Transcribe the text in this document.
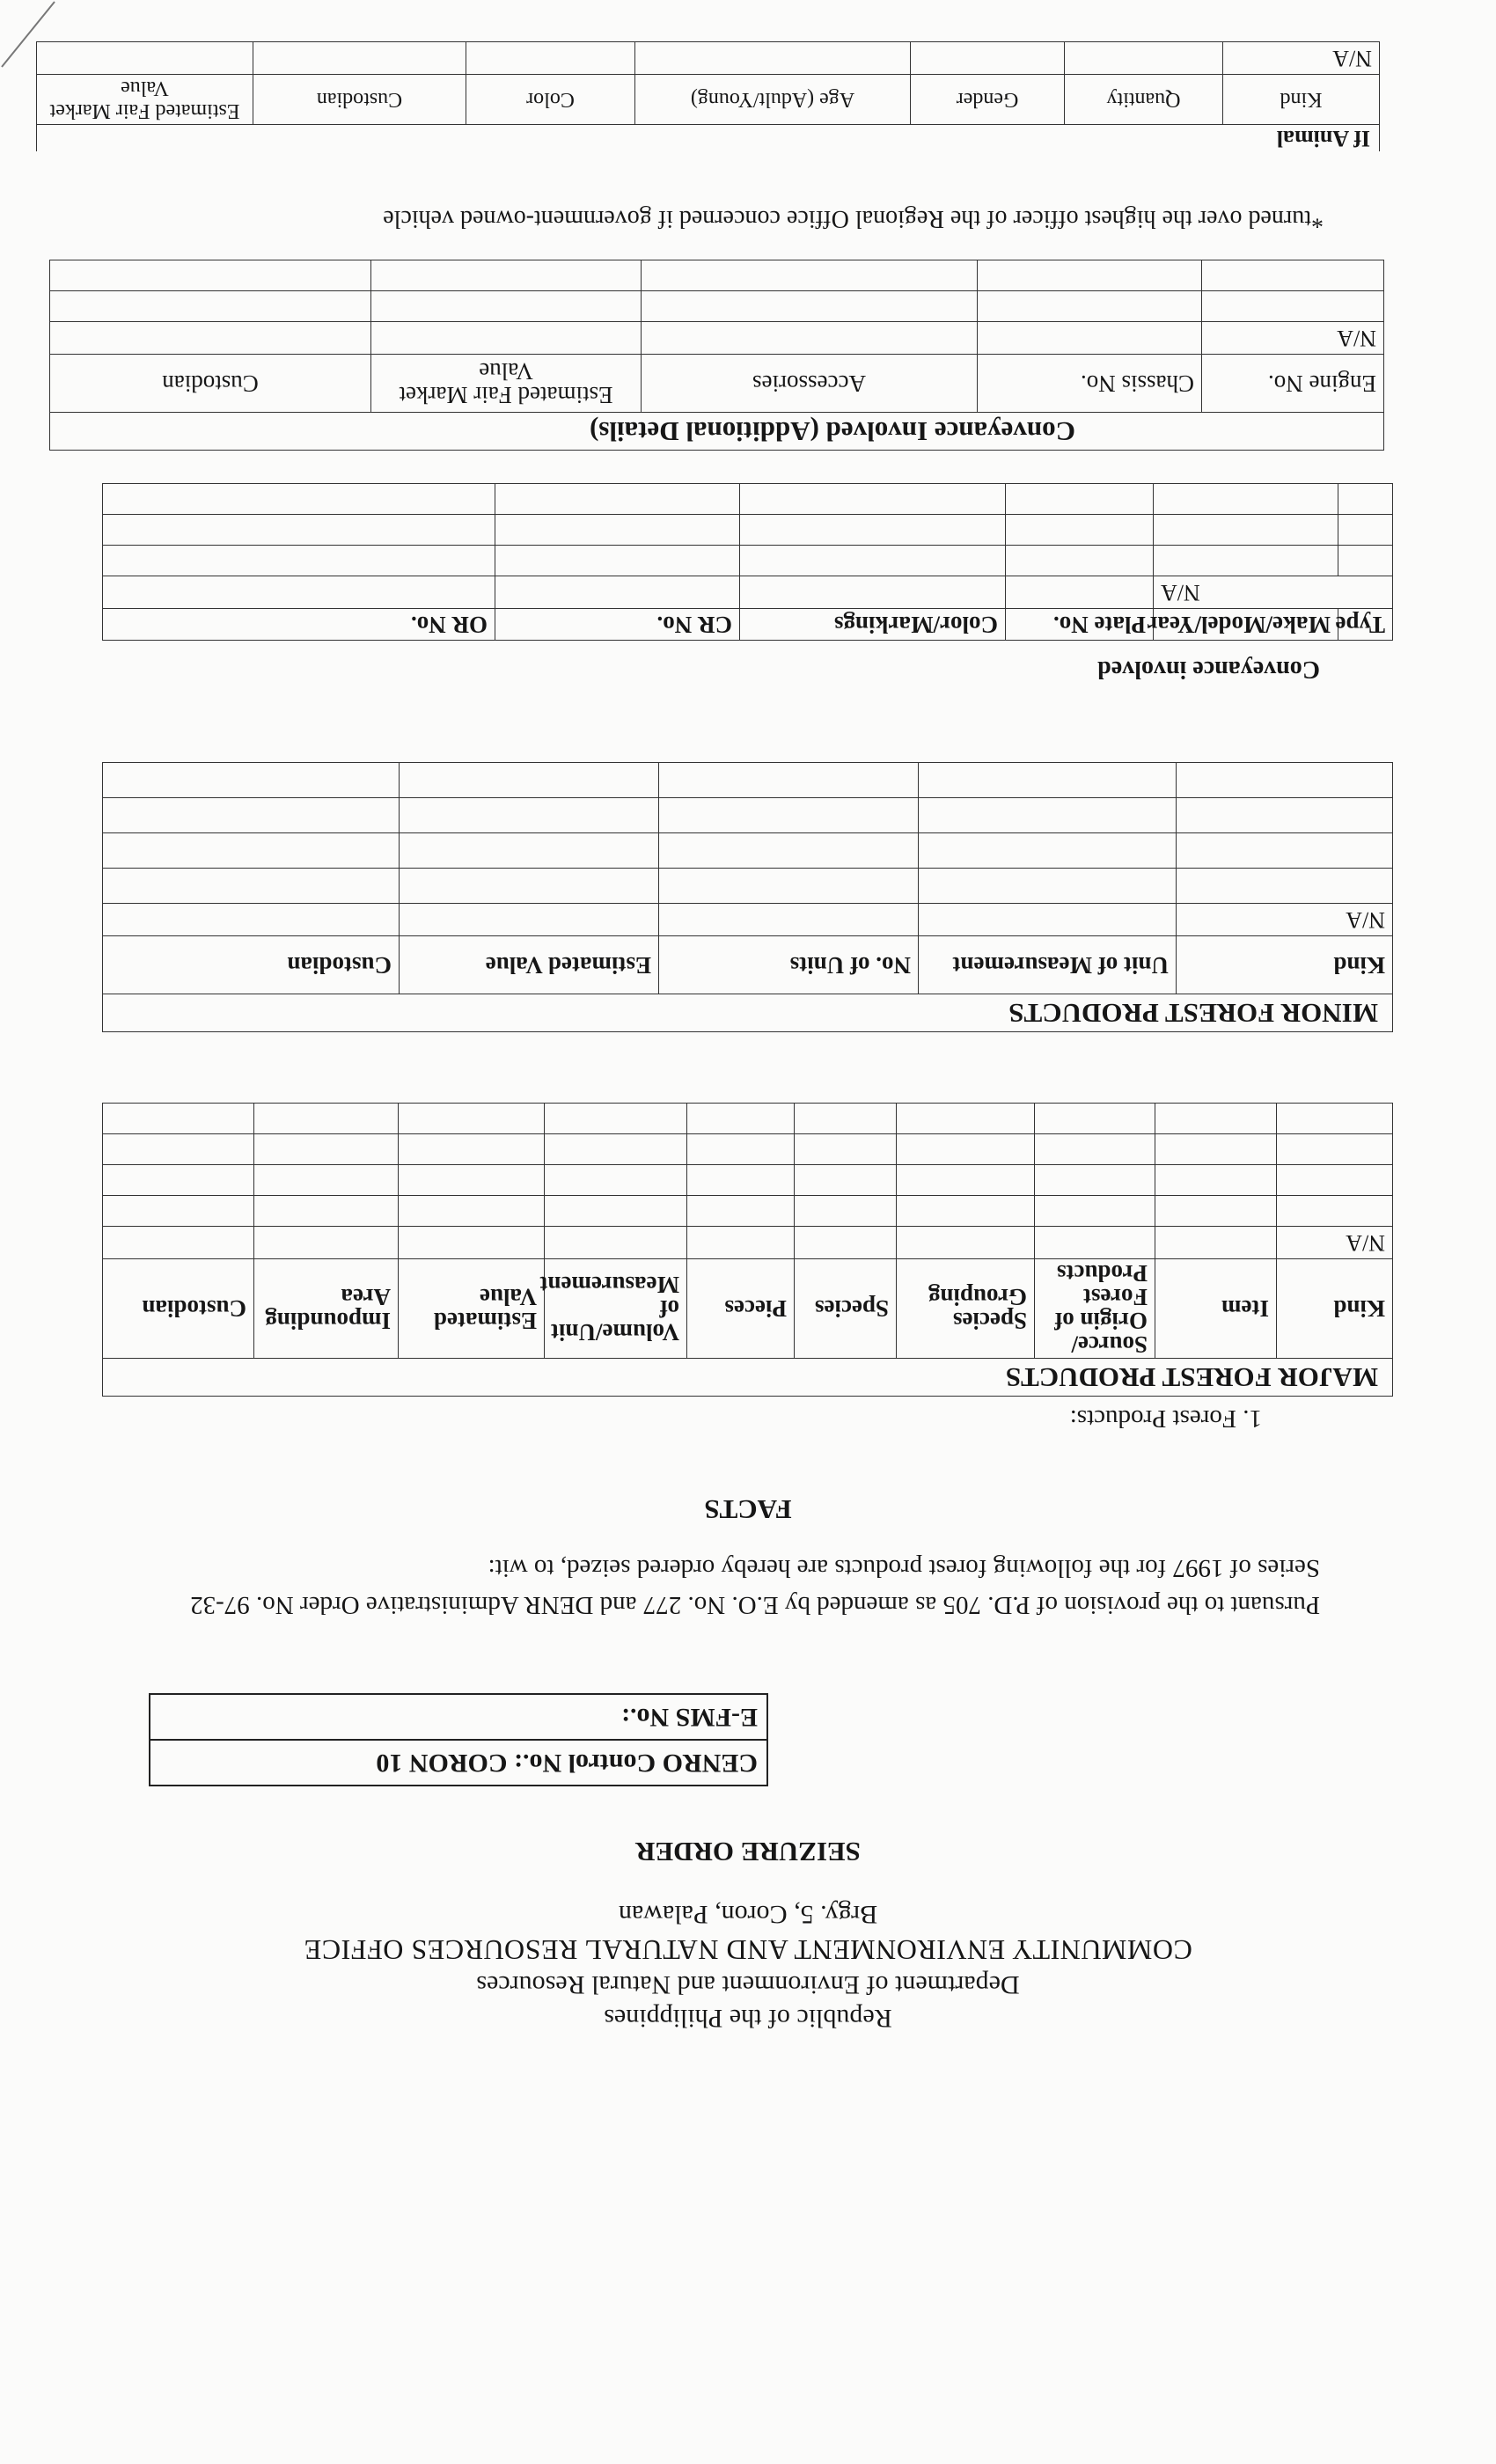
Republic of the Philippines
Department of Environment and Natural Resources
COMMUNITY ENVIRONMENT AND NATURAL RESOURCES OFFICE
Brgy. 5, Coron, Palawan
SEIZURE ORDER
CENRO Control No.: CORON 10
E-FMS No.:
Pursuant to the provision of P.D. 705 as amended by E.O. No. 277 and DENR Administrative Order No. 97-32 Series of 1997 for the following forest products are hereby ordered seized, to wit:
FACTS
1. Forest Products:
MAJOR FOREST PRODUCTS									
Kind	Item	Source/ Origin of Forest Products	Species Grouping	Species	Pieces	Volume/Unit of Measurement	Estimated Value	Impounding Area	Custodian
N/A									

MINOR FOREST PRODUCTS				
Kind	Unit of Measurement	No. of Units	Estimated Value	Custodian
N/A				

Conveyance involved
Type	Make/Model/Year	Plate No.	Color/Markings	CR No.	OR No.
N/A					

Conveyance Involved (Additional Details)				
Engine No.	Chassis No.	Accessories	Estimated Fair Market Value	Custodian
N/A				

*turned over the highest officer of the Regional Office concerned if government-owned vehicle
If Animal						
Kind	Quantity	Gender	Age (Adult/Young)	Color	Custodian	Estimated Fair Market Value
N/A						
